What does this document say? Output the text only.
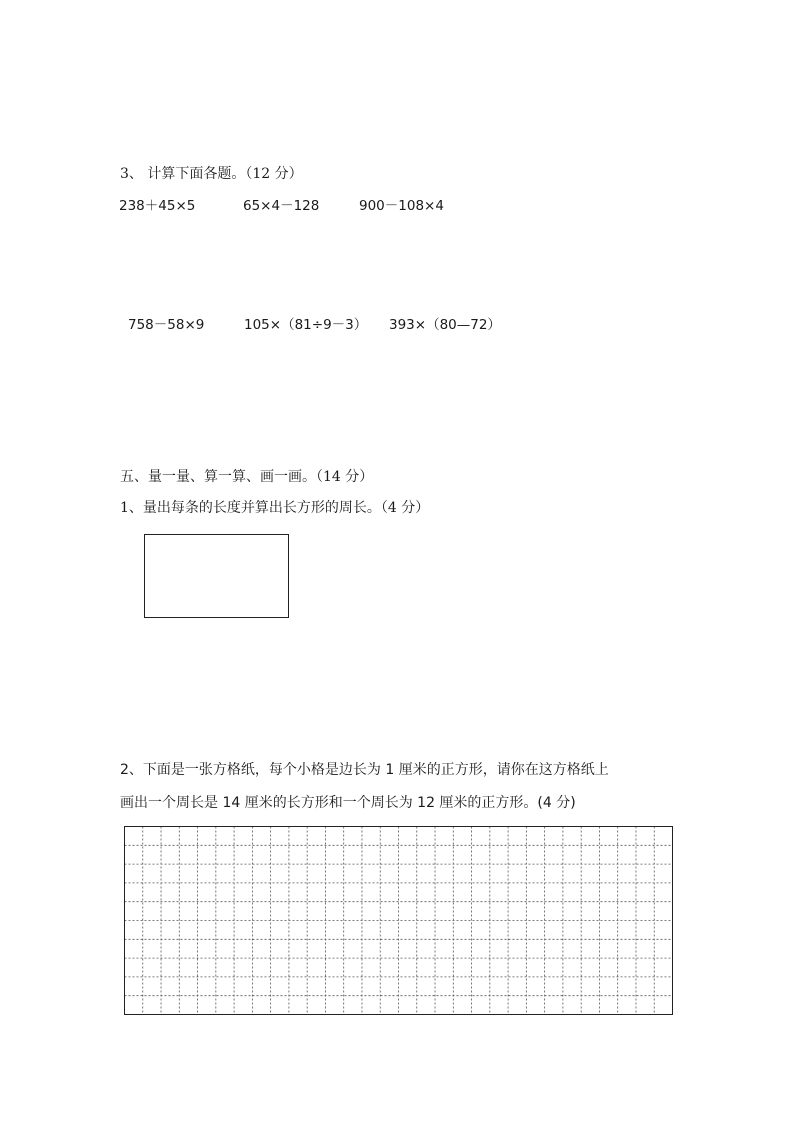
3、 计算下面各题。（12 分）
238＋45×5	65×4－128	900－108×4
758－58×9	105×（81÷9－3） 393×（80—72）
五、量一量、算一算、画一画。（14 分）
1、量出每条的长度并算出长方形的周长。（4 分）
2、下面是一张方格纸，每个小格是边长为 1 厘米的正方形，请你在这方格纸上
画出一个周长是 14 厘米的长方形和一个周长为 12 厘米的正方形。(4 分)
